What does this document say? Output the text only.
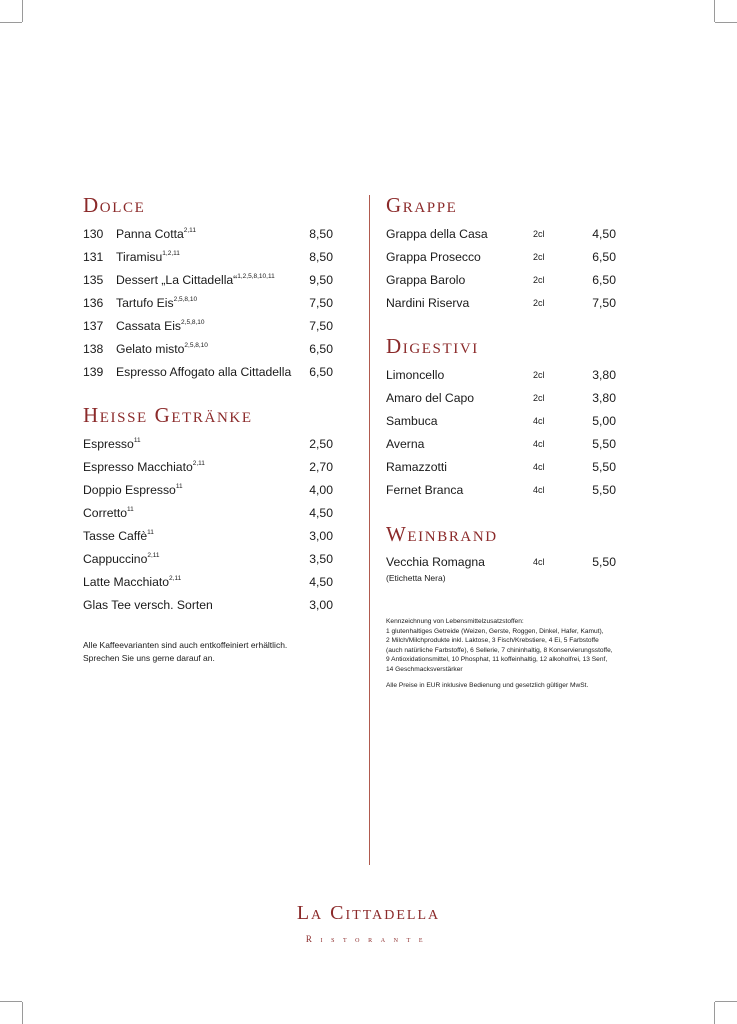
Dolce
130 Panna Cotta$^{2,11}$	8,50
131 Tiramisu$^{1,2,11}$	8,50
135 Dessert „La Cittadella“$^{1,2,5,8,10,11}$	9,50
136 Tartufo Eis$^{2,5,8,10}$	7,50
137 Cassata Eis$^{2,5,8,10}$	7,50
138 Gelato misto$^{2,5,8,10}$	6,50
139 Espresso Affogato alla Cittadella	6,50
Heisse Getränke
Espresso$^{11}$	2,50
Espresso Macchiato$^{2,11}$	2,70
Doppio Espresso$^{11}$	4,00
Corretto$^{11}$	4,50
Tasse Caffè$^{11}$	3,00
Cappuccino$^{2,11}$	3,50
Latte Macchiato$^{2,11}$	4,50
Glas Tee versch. Sorten	3,00

Alle Kaffeevarianten sind auch entkoffeiniert erhältlich.
Sprechen Sie uns gerne darauf an.

Grappe
Grappa della Casa	2cl	4,50
Grappa Prosecco	2cl	6,50
Grappa Barolo	2cl	6,50
Nardini Riserva	2cl	7,50
Digestivi
Limoncello	2cl	3,80
Amaro del Capo	2cl	3,80
Sambuca	4cl	5,00
Averna	4cl	5,50
Ramazzotti	4cl	5,50
Fernet Branca	4cl	5,50
Weinbrand
Vecchia Romagna	4cl	5,50
(Etichetta Nera)
Kennzeichnung von Lebensmittelzusatzstoffen:
1 glutenhaltiges Getreide (Weizen, Gerste, Roggen, Dinkel, Hafer, Kamut),
2 Milch/Milchprodukte inkl. Laktose, 3 Fisch/Krebstiere, 4 Ei, 5 Farbstoffe
(auch natürliche Farbstoffe), 6 Sellerie, 7 chininhaltig, 8 Konservierungsstoffe,
9 Antioxidationsmittel, 10 Phosphat, 11 koffeinhaltig, 12 alkoholfrei, 13 Senf,
14 Geschmacksverstärker
Alle Preise in EUR inklusive Bedienung und gesetzlich gültiger MwSt.
La Cittadella
Ristorante
